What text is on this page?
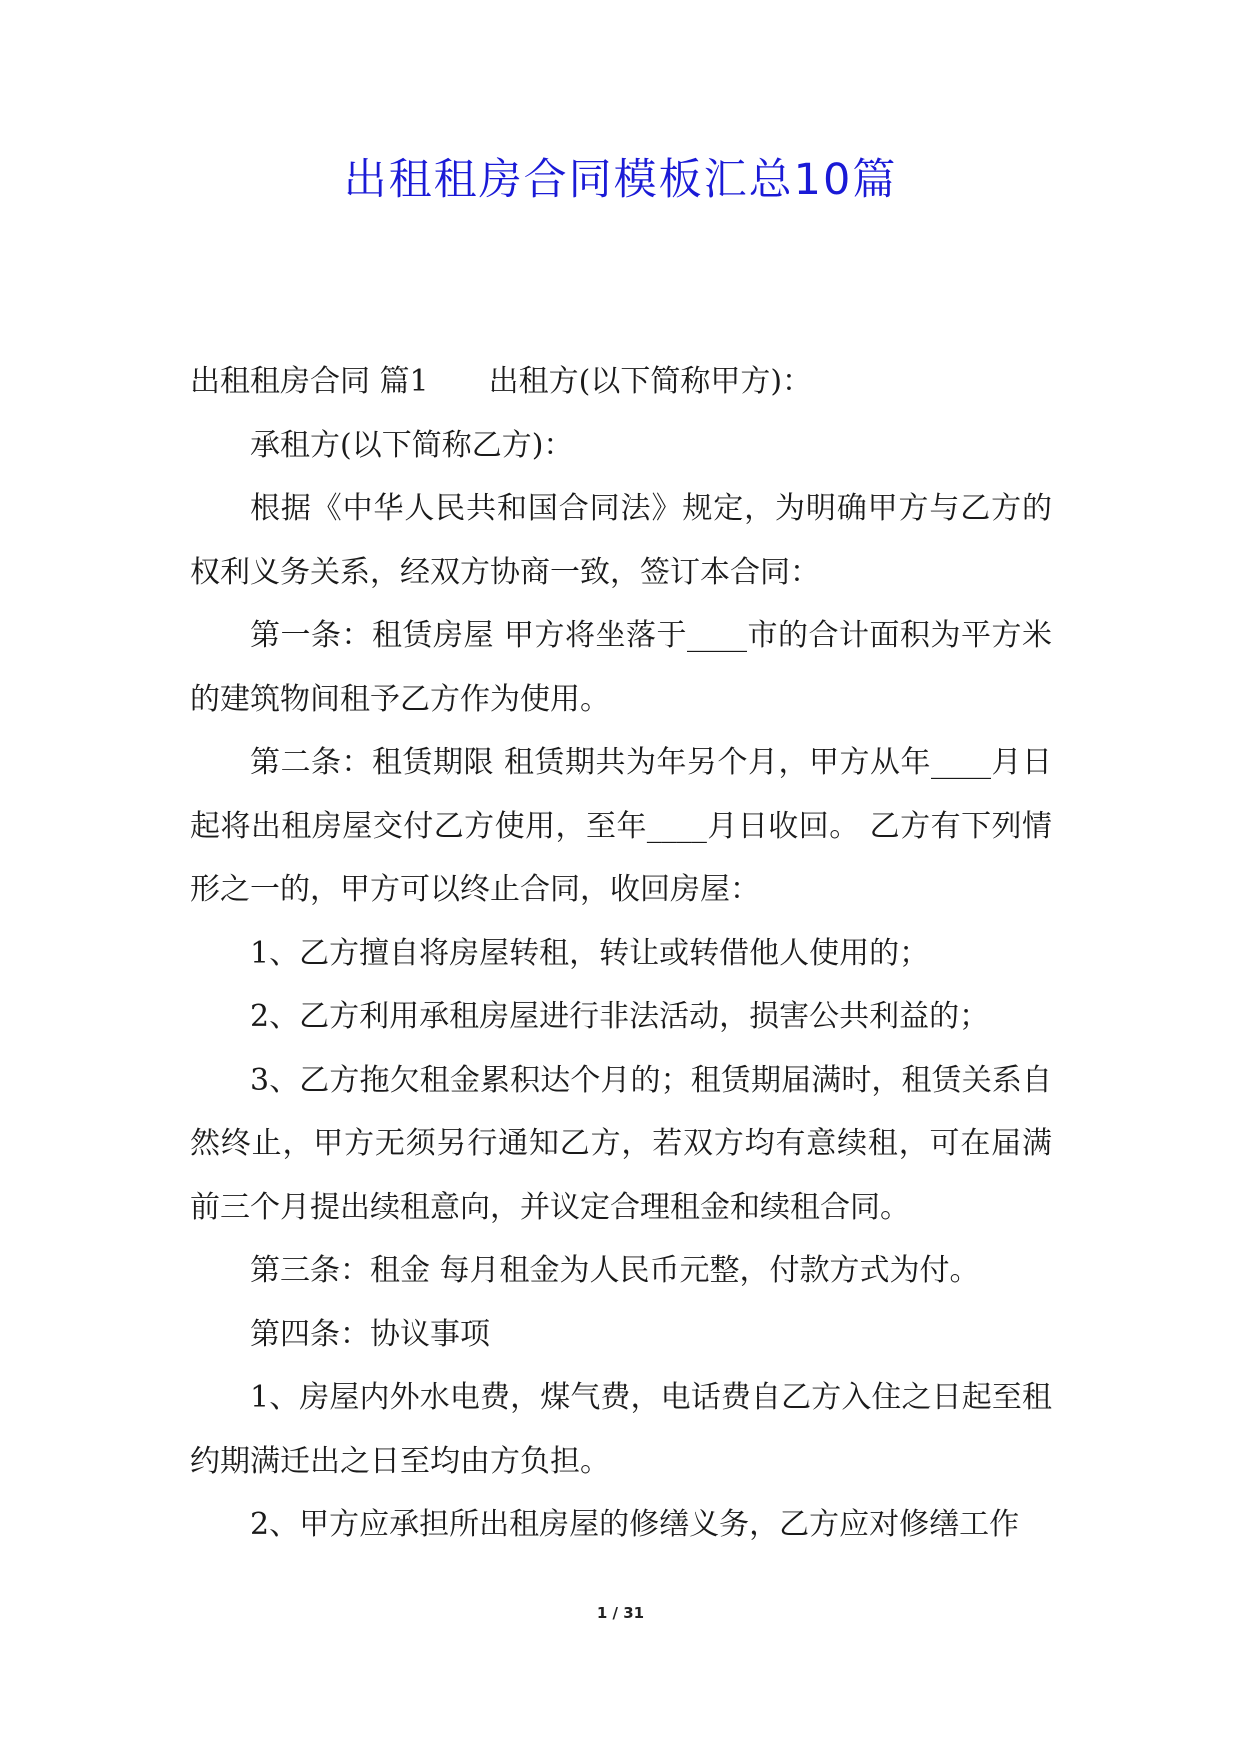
出租租房合同模板汇总10篇

出租租房合同 篇1 出租方(以下简称甲方)：

承租方(以下简称乙方)：

根据《中华人民共和国合同法》规定，为明确甲方与乙方的权利义务关系，经双方协商一致，签订本合同：

第一条：租赁房屋 甲方将坐落于____市的合计面积为平方米的建筑物间租予乙方作为使用。

第二条：租赁期限 租赁期共为年另个月，甲方从年____月日起将出租房屋交付乙方使用，至年____月日收回。 乙方有下列情形之一的，甲方可以终止合同，收回房屋：

1、乙方擅自将房屋转租，转让或转借他人使用的；

2、乙方利用承租房屋进行非法活动，损害公共利益的；

3、乙方拖欠租金累积达个月的；租赁期届满时，租赁关系自然终止，甲方无须另行通知乙方，若双方均有意续租，可在届满前三个月提出续租意向，并议定合理租金和续租合同。

第三条：租金 每月租金为人民币元整，付款方式为付。

第四条：协议事项

1、房屋内外水电费，煤气费，电话费自乙方入住之日起至租约期满迁出之日至均由方负担。

2、甲方应承担所出租房屋的修缮义务，乙方应对修缮工作

1 / 31
